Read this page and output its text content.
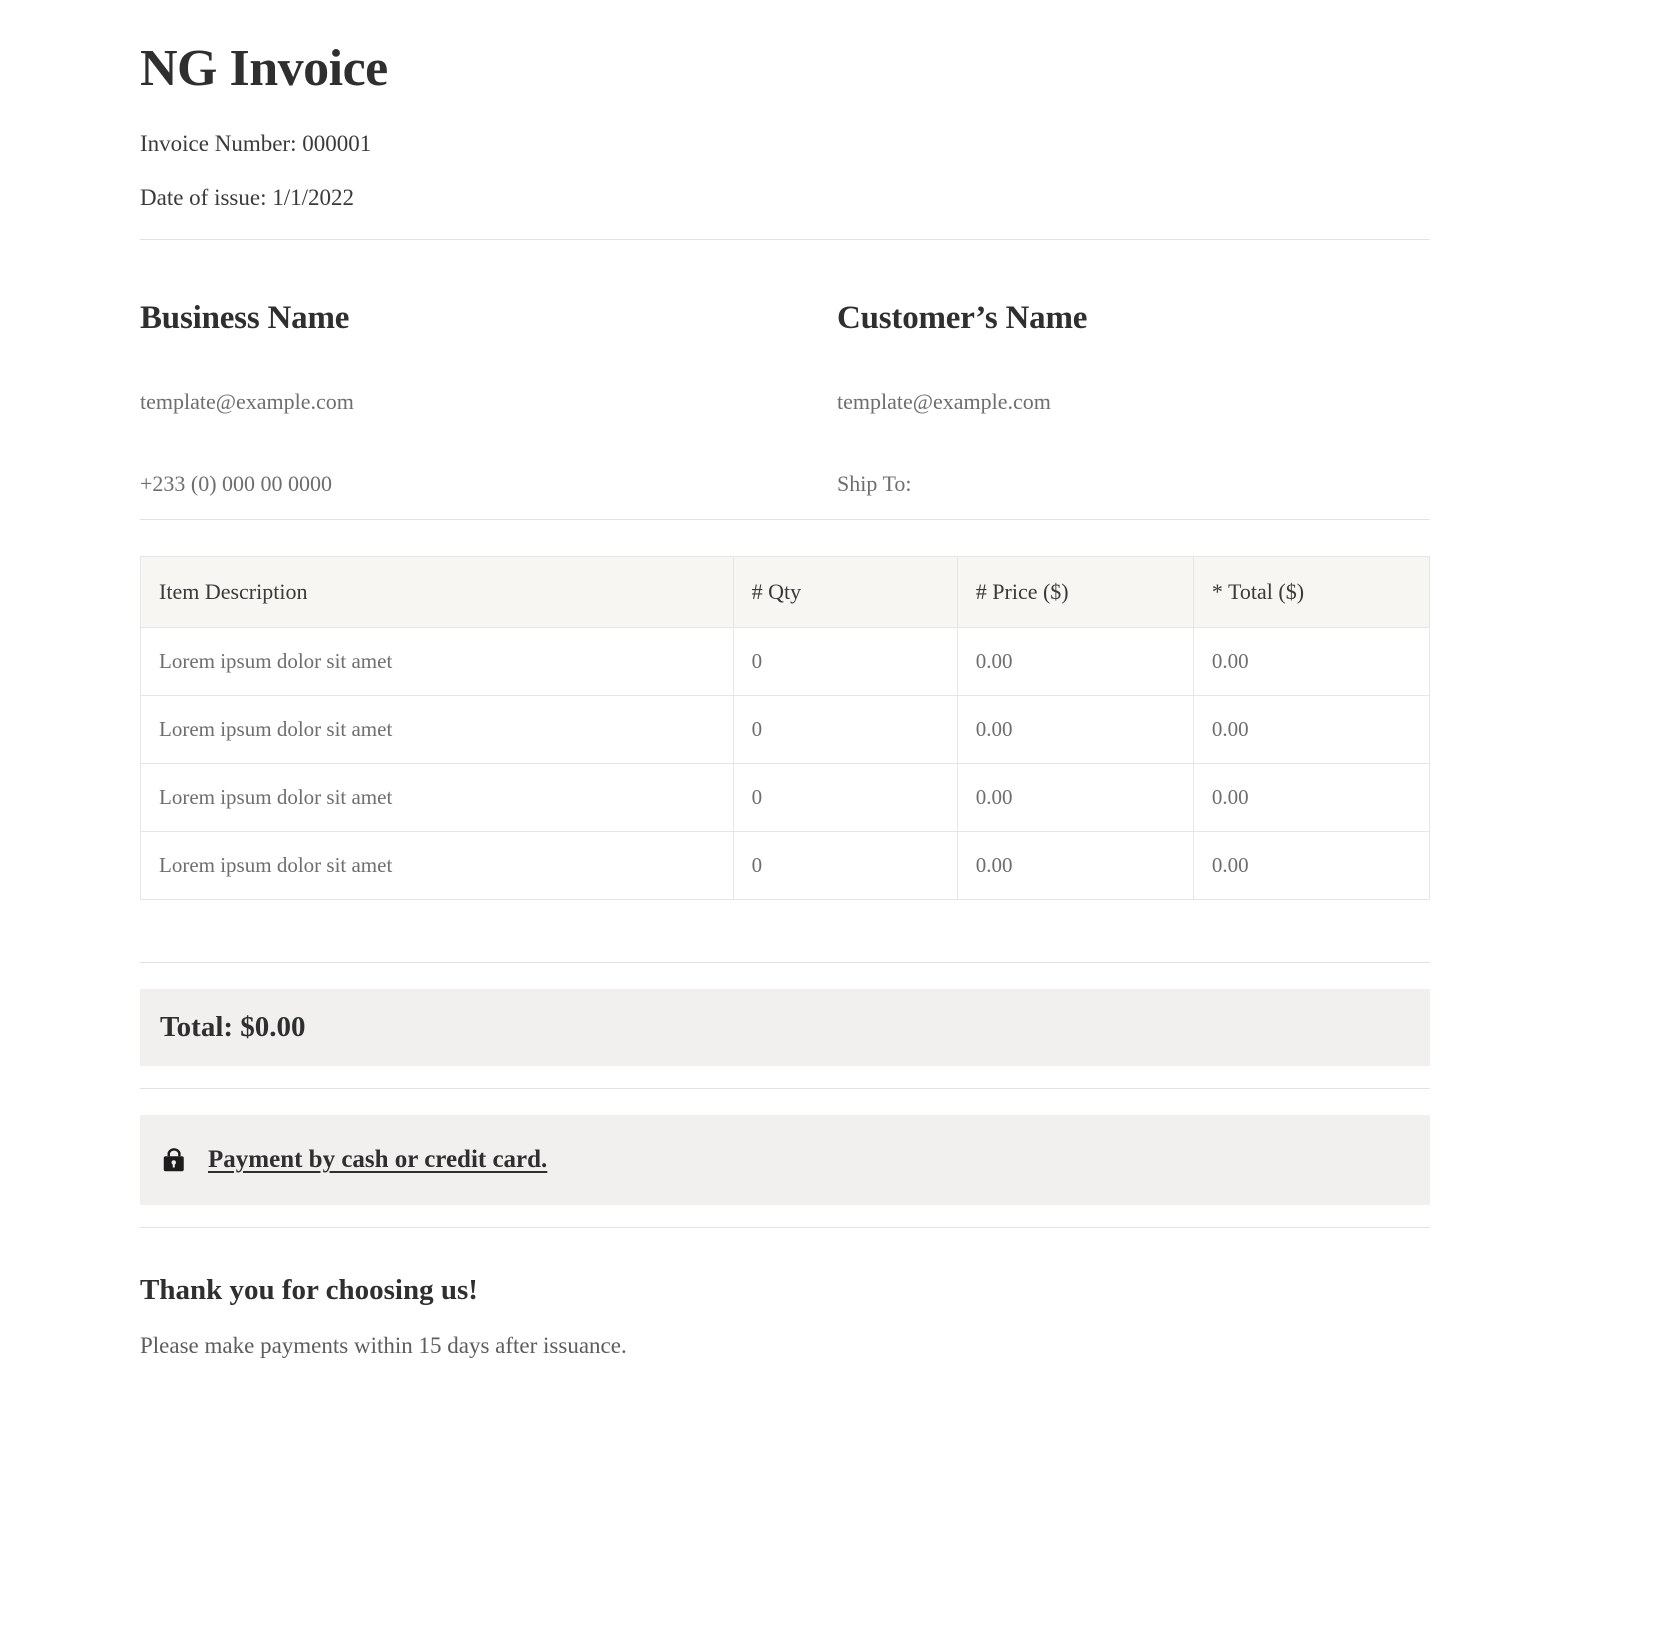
NG Invoice

Invoice Number: 000001

Date of issue: 1/1/2022

Business Name
template@example.com
+233 (0) 000 00 0000
Customer’s Name
template@example.com
Ship To:
Item Description	# Qty	# Price ($)	* Total ($)
Lorem ipsum dolor sit amet	0	0.00	0.00
Lorem ipsum dolor sit amet	0	0.00	0.00
Lorem ipsum dolor sit amet	0	0.00	0.00
Lorem ipsum dolor sit amet	0	0.00	0.00
Total: $0.00
Payment by cash or credit card.
Thank you for choosing us!

Please make payments within 15 days after issuance.
